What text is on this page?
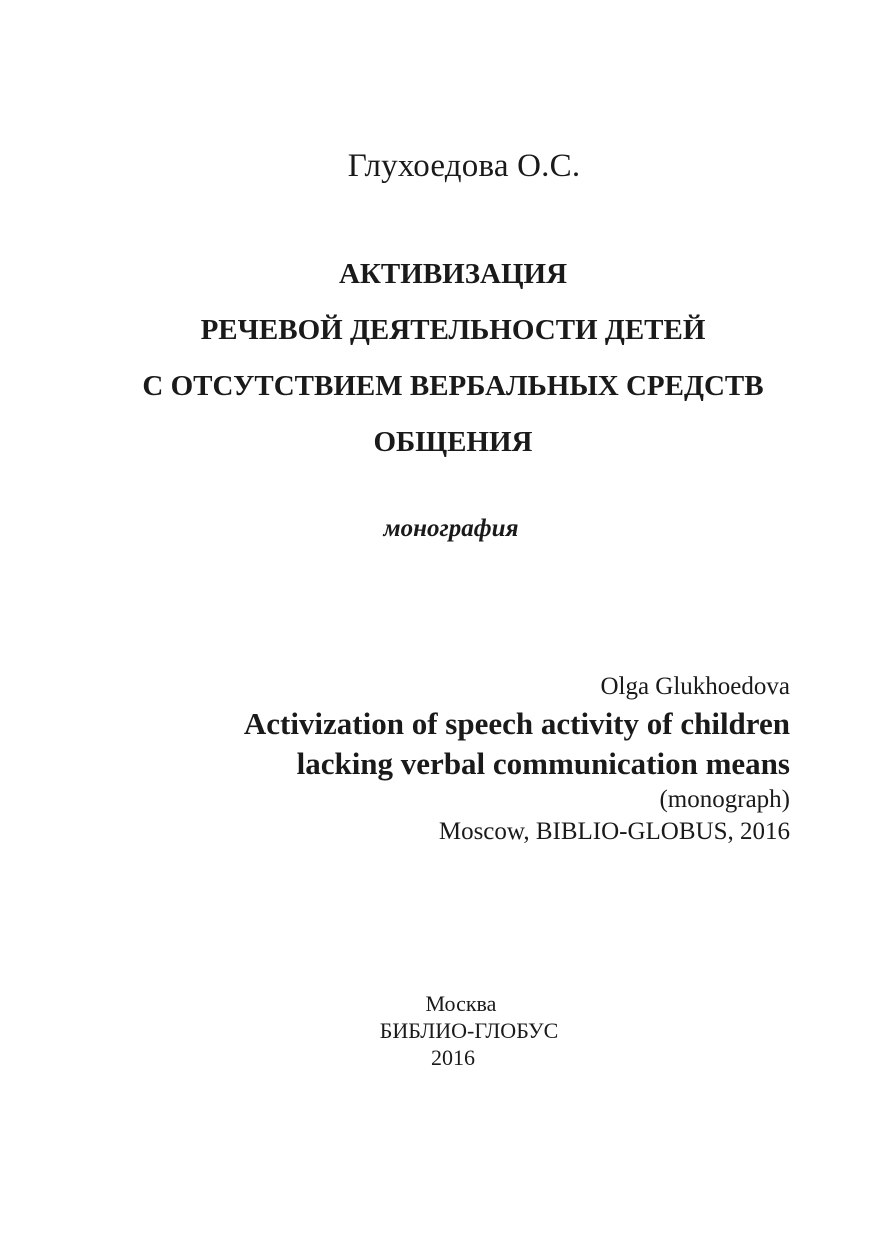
Глухоедова О.С.
АКТИВИЗАЦИЯ
РЕЧЕВОЙ ДЕЯТЕЛЬНОСТИ ДЕТЕЙ
С ОТСУТСТВИЕМ ВЕРБАЛЬНЫХ СРЕДСТВ
ОБЩЕНИЯ
монография
Olga Glukhoedova
Activization of speech activity of children
lacking verbal communication means
(monograph)
Moscow, BIBLIO-GLOBUS, 2016
Москва
БИБЛИО-ГЛОБУС
2016
